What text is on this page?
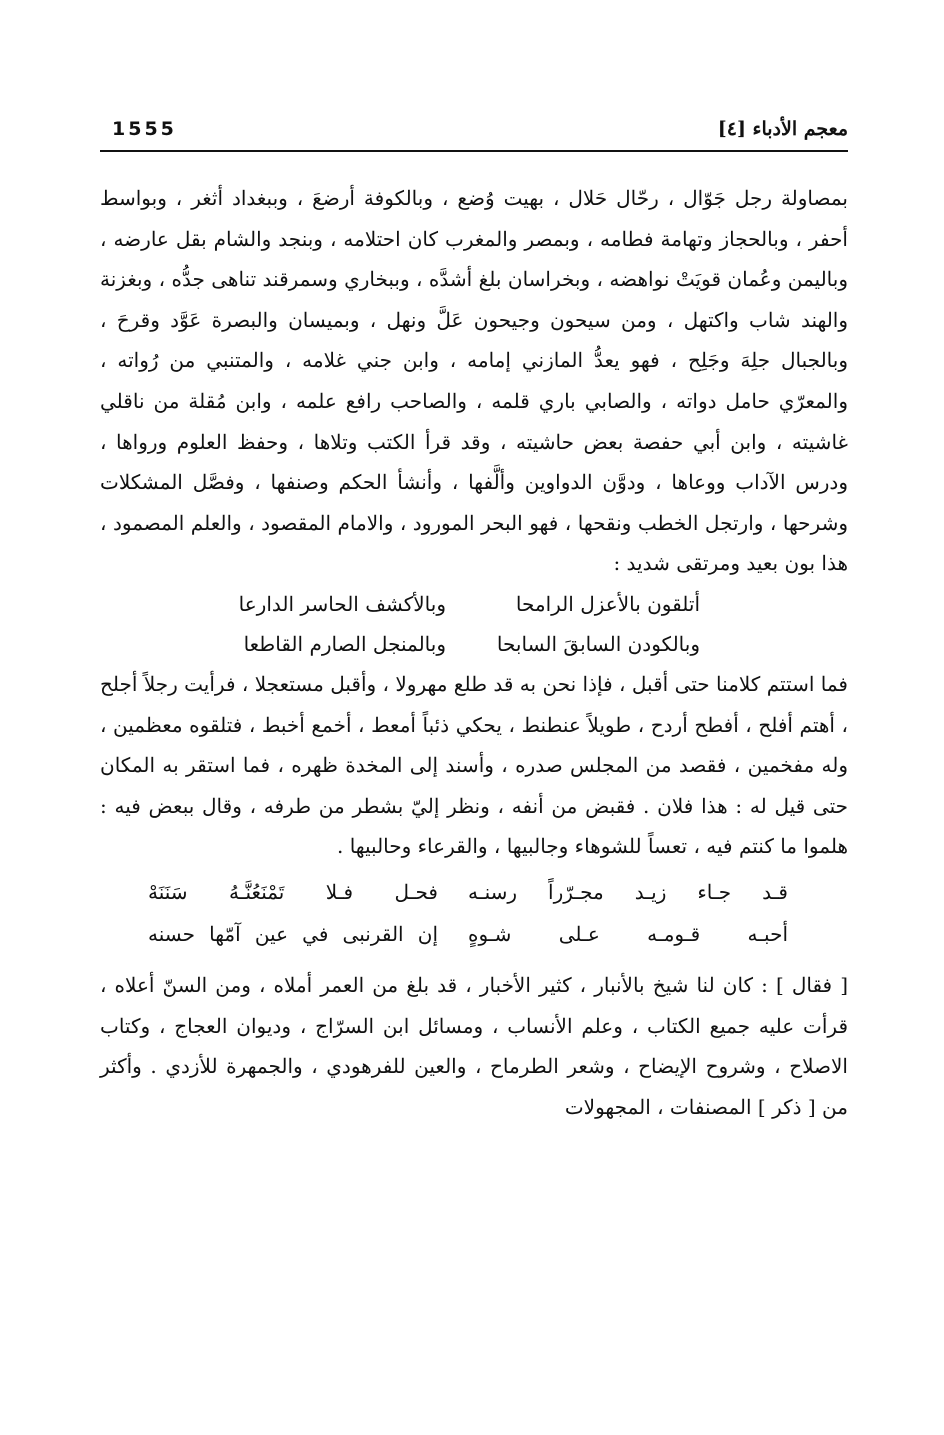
1555	معجم الأدباء [٤]

بمصاولة رجل جَوّال ، رحّال حَلال ، بهيت وُضع ، وبالكوفة أرضعَ ، وببغداد أثغر ، وبواسط أحفر ، وبالحجاز وتهامة فطامه ، وبمصر والمغرب كان احتلامه ، وبنجد والشام بقل عارضه ، وباليمن وعُمان قويَتْ نواهضه ، وبخراسان بلغ أشدَّه ، وببخاري وسمرقند تناهى جدُّه ، وبغزنة والهند شاب واكتهل ، ومن سيحون وجيحون عَلَّ ونهل ، وبميسان والبصرة عَوَّد وقرحَ ، وبالجبال جلِهَ وجَلِح ، فهو يعدُّ المازني إمامه ، وابن جني غلامه ، والمتنبي من رُواته ، والمعرّي حامل دواته ، والصابي باري قلمه ، والصاحب رافع علمه ، وابن مُقلة من ناقلي غاشيته ، وابن أبي حفصة بعض حاشيته ، وقد قرأ الكتب وتلاها ، وحفظ العلوم ورواها ، ودرس الآداب ووعاها ، ودوَّن الدواوين وألَّفها ، وأنشأ الحكم وصنفها ، وفصَّل المشكلات وشرحها ، وارتجل الخطب ونقحها ، فهو البحر المورود ، والامام المقصود ، والعلم المصمود ، هذا بون بعيد ومرتقى شديد :

أتلقون بالأعزل الرامحا
وبالأكشف الحاسر الدارعا
وبالكودن السابقَ السابحا
وبالمنجل الصارم القاطعا

فما استتم كلامنا حتى أقبل ، فإذا نحن به قد طلع مهرولا ، وأقبل مستعجلا ، فرأيت رجلاً أجلح ، أهتم أفلح ، أفطح أردح ، طويلاً عنطنط ، يحكي ذئباً أمعط ، أخمع أخبط ، فتلقوه معظمين ، وله مفخمين ، فقصد من المجلس صدره ، وأسند إلى المخدة ظهره ، فما استقر به المكان حتى قيل له : هذا فلان . فقبض من أنفه ، ونظر إليّ بشطر من طرفه ، وقال ببعض فيه : هلموا ما كنتم فيه ، تعساً للشوهاء وجالبيها ، والقرعاء وحالبيها .

قـد جـاء زيـد مجـرّراً رسنـه
فحـل فـلا تَمْنَعُنَّـهُ سَنَنَهْ
أحبـه قـومـه عـلى شـوهٍ
إن القرنبى في عين آمّها حسنه

[ فقال ] : كان لنا شيخ بالأنبار ، كثير الأخبار ، قد بلغ من العمر أملاه ، ومن السنّ أعلاه ، قرأت عليه جميع الكتاب ، وعلم الأنساب ، ومسائل ابن السرّاج ، وديوان العجاج ، وكتاب الاصلاح ، وشروح الإيضاح ، وشعر الطرماح ، والعين للفرهودي ، والجمهرة للأزدي . وأكثر من [ ذكر ] المصنفات ، المجهولات
